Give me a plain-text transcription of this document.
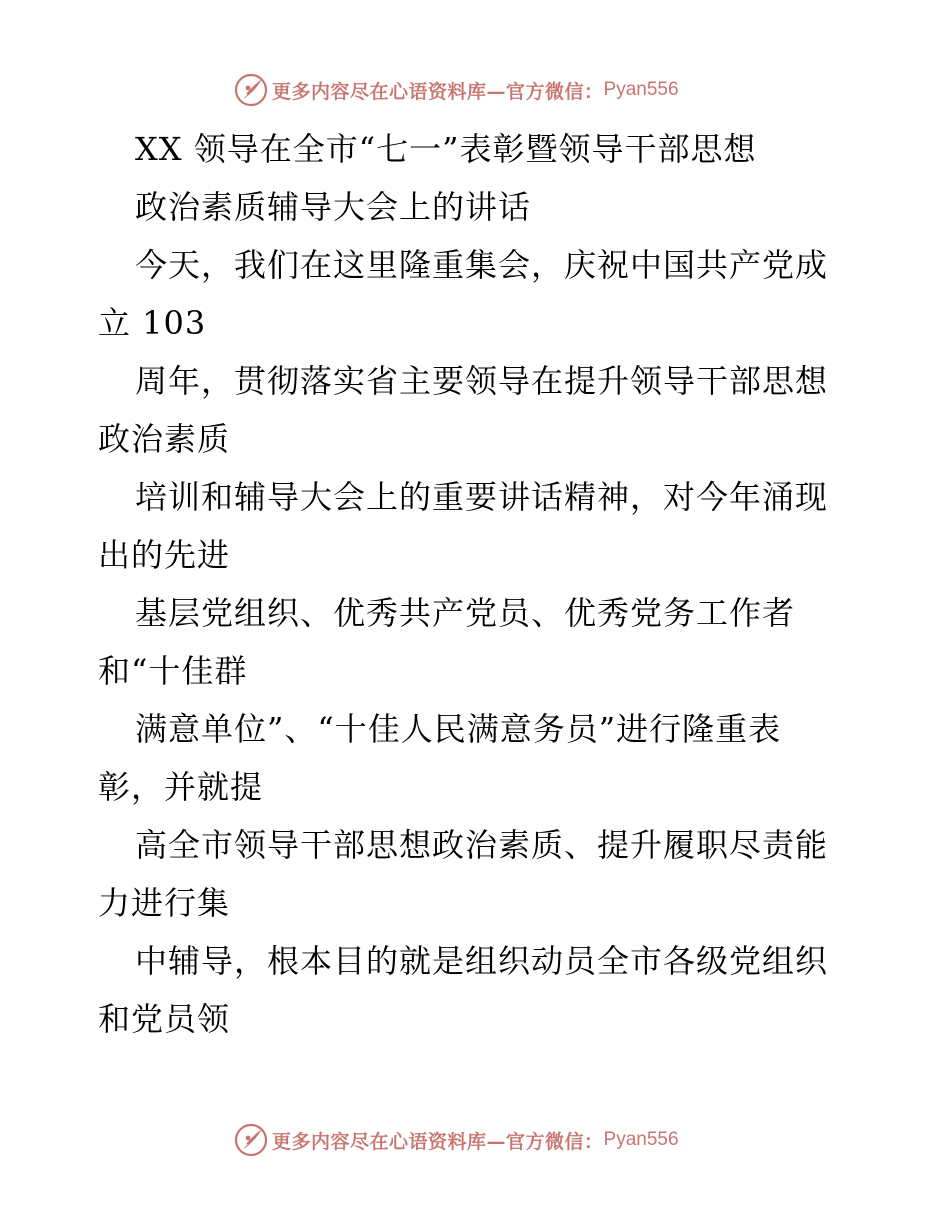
更多内容尽在心语资料库—官方微信： Pyan556
XX 领导在全市“七一”表彰暨领导干部思想
政治素质辅导大会上的讲话
今天，我们在这里隆重集会，庆祝中国共产党成
立 103
周年，贯彻落实省主要领导在提升领导干部思想
政治素质
培训和辅导大会上的重要讲话精神，对今年涌现
出的先进
基层党组织、优秀共产党员、优秀党务工作者
和“十佳群
满意单位”、“十佳人民满意务员”进行隆重表
彰，并就提
高全市领导干部思想政治素质、提升履职尽责能
力进行集
中辅导，根本目的就是组织动员全市各级党组织
和党员领
更多内容尽在心语资料库—官方微信： Pyan556
